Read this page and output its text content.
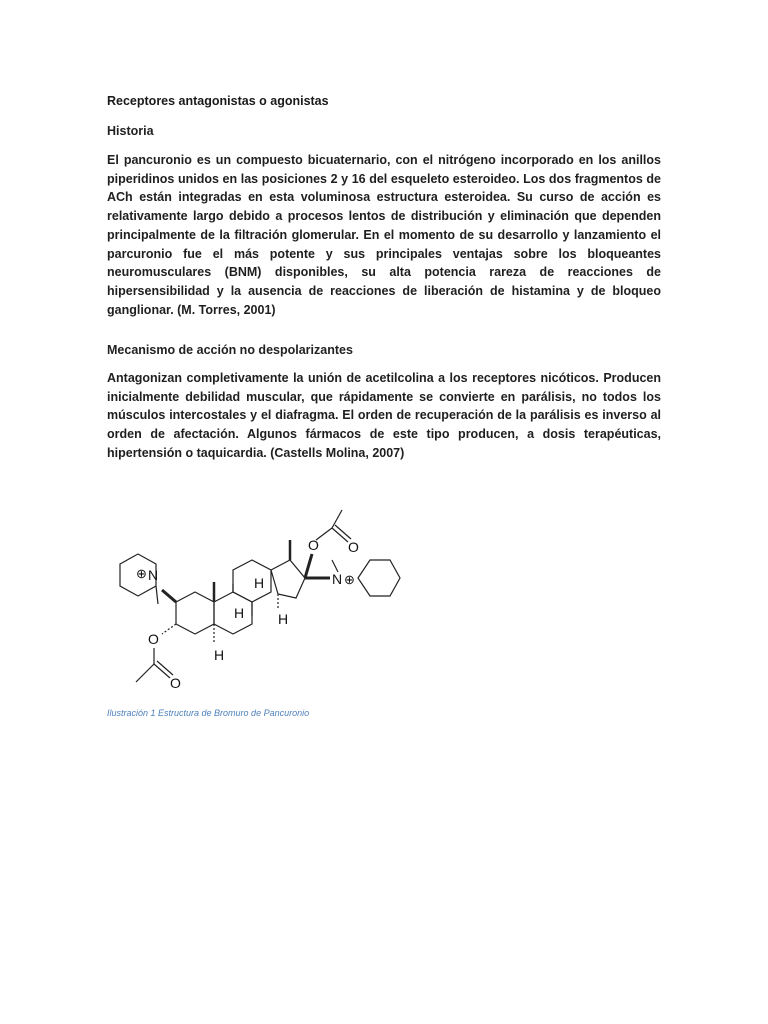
Receptores antagonistas o agonistas
Historia
El pancuronio es un compuesto bicuaternario, con el nitrógeno incorporado en los anillos piperidinos unidos en las posiciones 2 y 16 del esqueleto esteroideo. Los dos fragmentos de ACh están integradas en esta voluminosa estructura esteroidea. Su curso de acción es relativamente largo debido a procesos lentos de distribución y eliminación que dependen principalmente de la filtración glomerular. En el momento de su desarrollo y lanzamiento el parcuronio fue el más potente y sus principales ventajas sobre los bloqueantes neuromusculares (BNM) disponibles, su alta potencia rareza de reacciones de hipersensibilidad y la ausencia de reacciones de liberación de histamina y de bloqueo ganglionar. (M. Torres, 2001)
Mecanismo de acción no despolarizantes
Antagonizan completivamente la unión de acetilcolina a los receptores nicóticos. Producen inicialmente debilidad muscular, que rápidamente se convierte en parálisis, no todos los músculos intercostales y el diafragma. El orden de recuperación de la parálisis es inverso al orden de afectación. Algunos fármacos de este tipo producen, a dosis terapéuticas, hipertensión o taquicardia. (Castells Molina, 2007)
N
⊕	N ⊕
H
H H
H
O O
O
O
Ilustración 1 Estructura de Bromuro de Pancuronio
